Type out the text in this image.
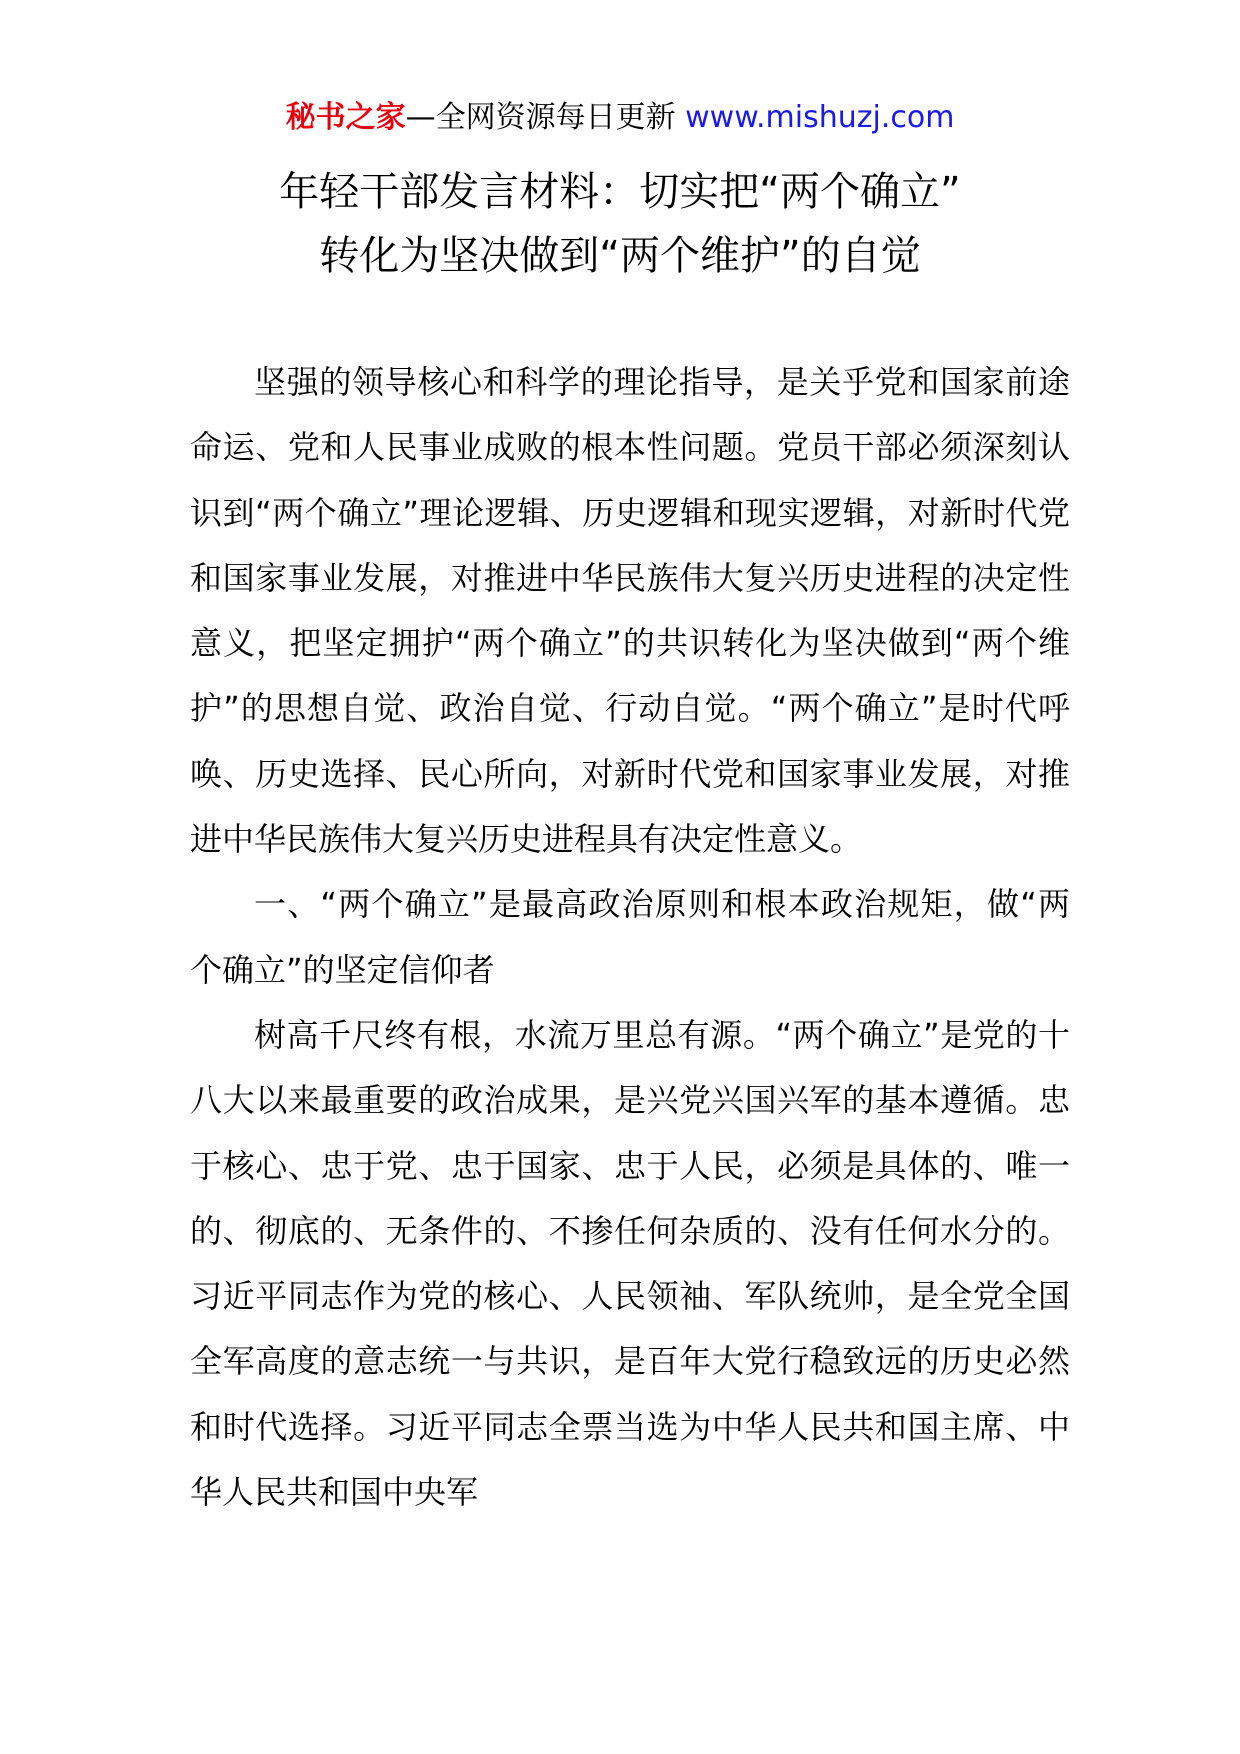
秘书之家—全网资源每日更新 www.mishuzj.com
年轻干部发言材料：切实把“两个确立”
转化为坚决做到“两个维护”的自觉

坚强的领导核心和科学的理论指导，是关乎党和国家前途命运、党和人民事业成败的根本性问题。党员干部必须深刻认识到“两个确立”理论逻辑、历史逻辑和现实逻辑，对新时代党和国家事业发展，对推进中华民族伟大复兴历史进程的决定性意义，把坚定拥护“两个确立”的共识转化为坚决做到“两个维护”的思想自觉、政治自觉、行动自觉。“两个确立”是时代呼唤、历史选择、民心所向，对新时代党和国家事业发展，对推进中华民族伟大复兴历史进程具有决定性意义。

一、“两个确立”是最高政治原则和根本政治规矩，做“两个确立”的坚定信仰者

树高千尺终有根，水流万里总有源。“两个确立”是党的十八大以来最重要的政治成果，是兴党兴国兴军的基本遵循。忠于核心、忠于党、忠于国家、忠于人民，必须是具体的、唯一的、彻底的、无条件的、不掺任何杂质的、没有任何水分的。习近平同志作为党的核心、人民领袖、军队统帅，是全党全国全军高度的意志统一与共识，是百年大党行稳致远的历史必然和时代选择。习近平同志全票当选为中华人民共和国主席、中华人民共和国中央军
